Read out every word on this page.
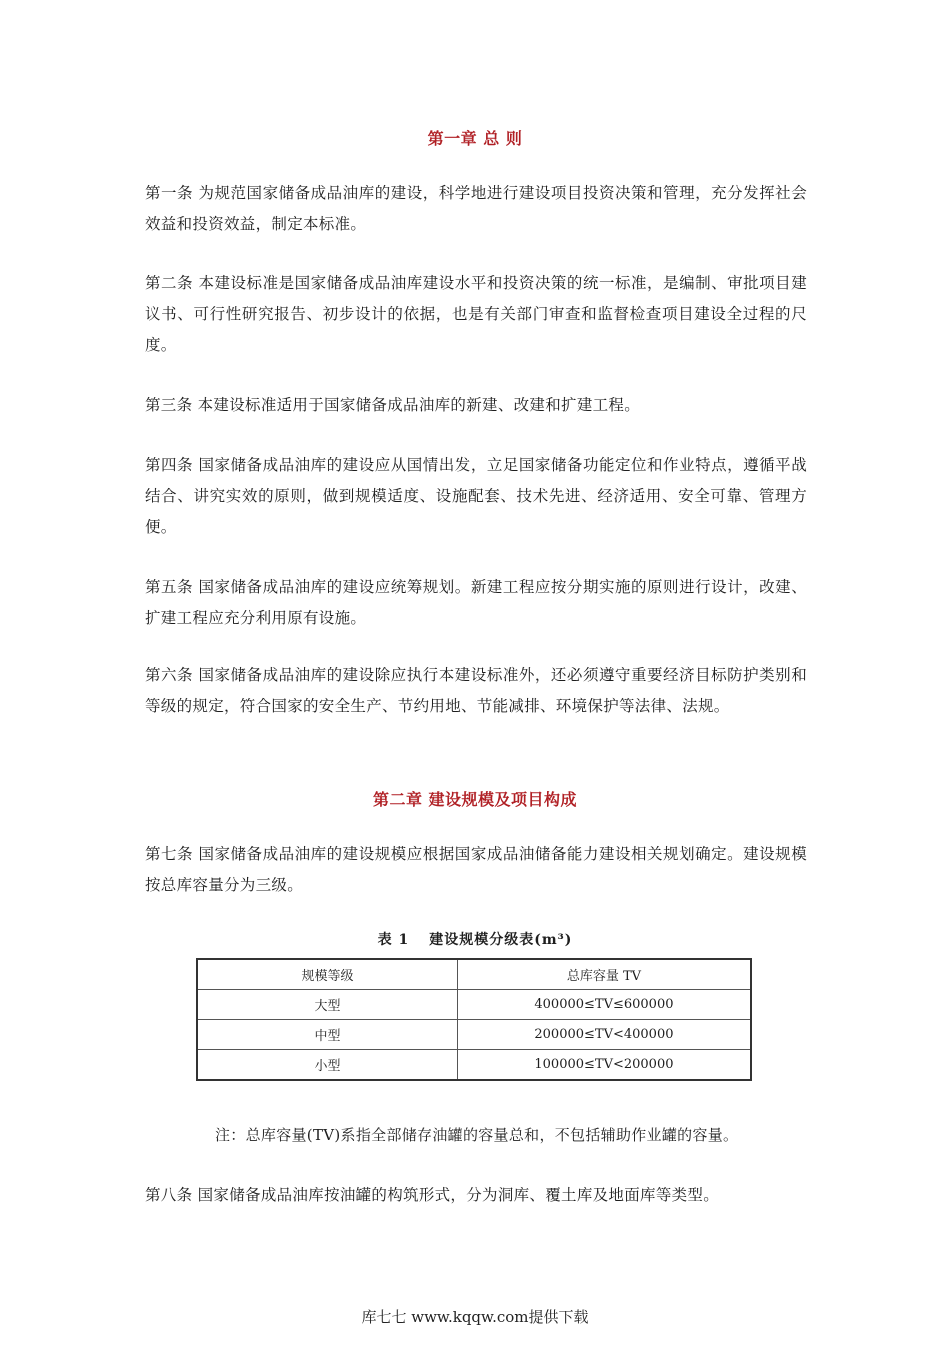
第一章 总 则
第一条 为规范国家储备成品油库的建设，科学地进行建设项目投资决策和管理，充分发挥社会效益和投资效益，制定本标准。
第二条 本建设标准是国家储备成品油库建设水平和投资决策的统一标准，是编制、审批项目建议书、可行性研究报告、初步设计的依据，也是有关部门审查和监督检查项目建设全过程的尺度。
第三条 本建设标准适用于国家储备成品油库的新建、改建和扩建工程。
第四条 国家储备成品油库的建设应从国情出发，立足国家储备功能定位和作业特点，遵循平战结合、讲究实效的原则，做到规模适度、设施配套、技术先进、经济适用、安全可靠、管理方便。
第五条 国家储备成品油库的建设应统筹规划。新建工程应按分期实施的原则进行设计，改建、扩建工程应充分利用原有设施。
第六条 国家储备成品油库的建设除应执行本建设标准外，还必须遵守重要经济目标防护类别和等级的规定，符合国家的安全生产、节约用地、节能减排、环境保护等法律、法规。
第二章 建设规模及项目构成
第七条 国家储备成品油库的建设规模应根据国家成品油储备能力建设相关规划确定。建设规模按总库容量分为三级。
表 1 建设规模分级表(m³)
规模等级	总库容量 TV
大型	400000≤TV≤600000
中型	200000≤TV<400000
小型	100000≤TV<200000
注：总库容量(TV)系指全部储存油罐的容量总和，不包括辅助作业罐的容量。
第八条 国家储备成品油库按油罐的构筑形式，分为洞库、覆土库及地面库等类型。
库七七 www.kqqw.com提供下载
